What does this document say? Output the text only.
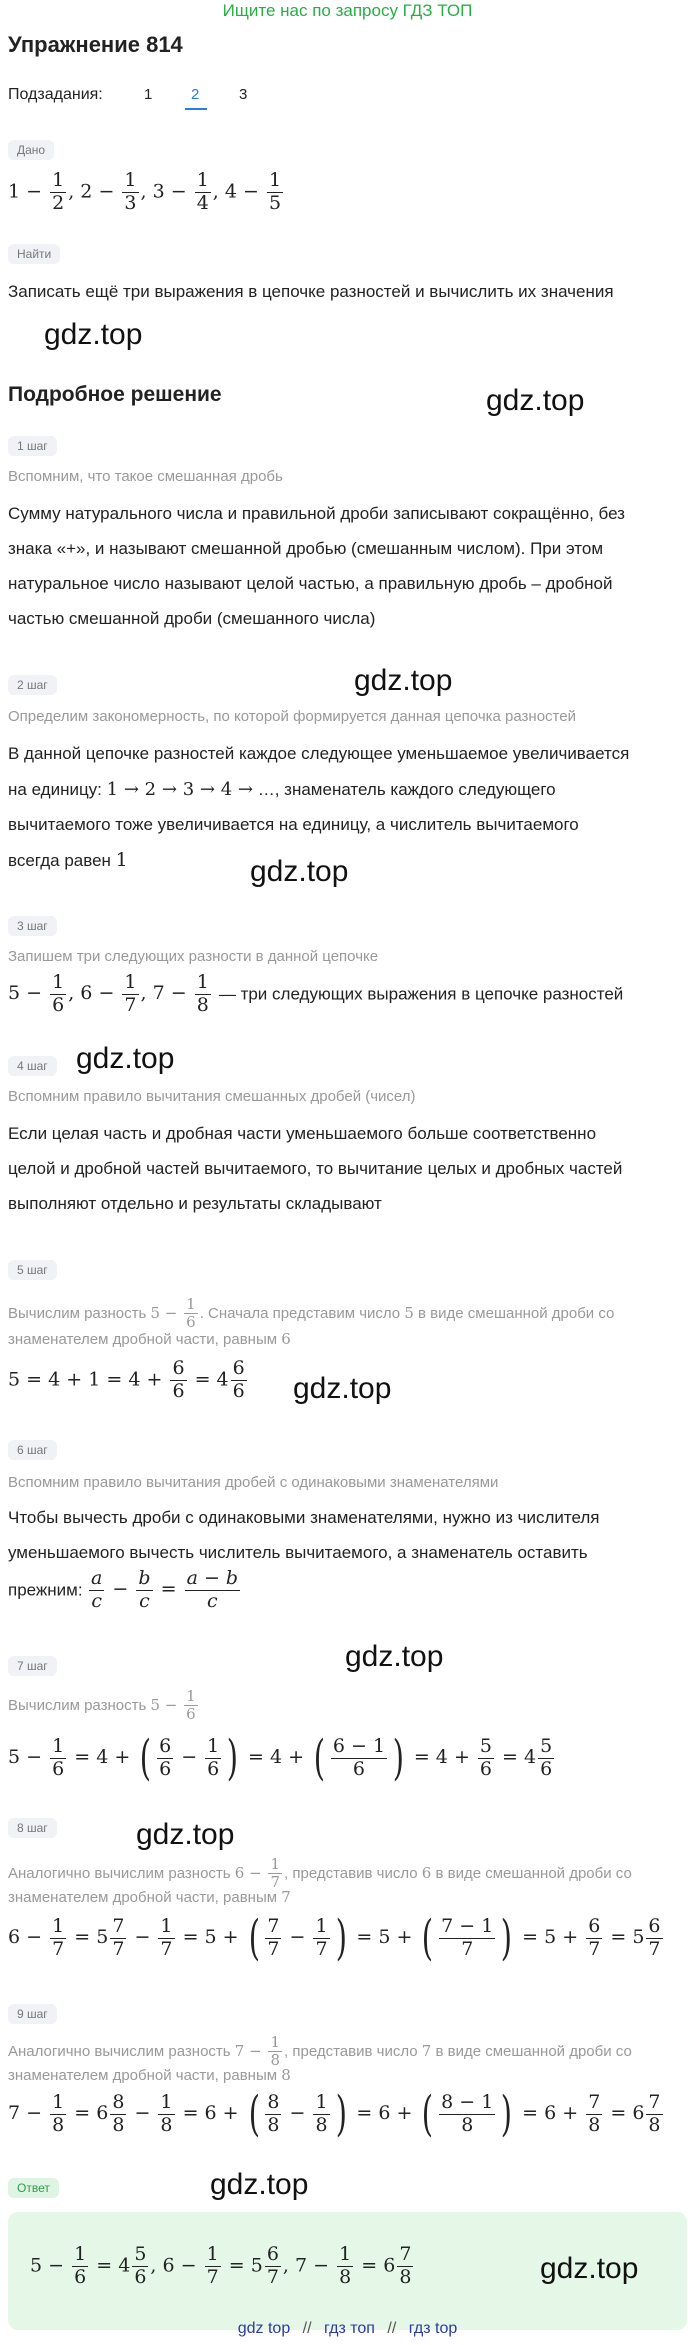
Ищите нас по запросу ГДЗ ТОП
Упражнение 814
Подзадания:	1	2	3
Дано
$1 - \frac{1}{2}$ , $2 - \frac{1}{3}$ , $3 - \frac{1}{4}$ , $4 - \frac{1}{5}$
Найти
Записать ещё три выражения в цепочке разностей и вычислить их значения
gdz.top
Подробное решение	gdz.top
1 шаг
Вспомним, что такое смешанная дробь
Сумму натурального числа и правильной дроби записывают сокращённо, без
знака «+», и называют смешанной дробью (смешанным числом). При этом
натуральное число называют целой частью, а правильную дробь – дробной
частью смешанной дроби (смешанного числа)
2 шаг	gdz.top
Определим закономерность, по которой формируется данная цепочка разностей
В данной цепочке разностей каждое следующее уменьшаемое увеличивается
на единицу: 1 → 2 → 3 → 4 → …, знаменатель каждого следующего
вычитаемого тоже увеличивается на единицу, а числитель вычитаемого
всегда равен 1	gdz.top
3 шаг
Запишем три следующих разности в данной цепочке
$5 - \frac{1}{6}$ , $6 - \frac{1}{7}$ , $7 - \frac{1}{8}$ — три следующих выражения в цепочке разностей
4 шаг gdz.top
Вспомним правило вычитания смешанных дробей (чисел)
Если целая часть и дробная части уменьшаемого больше соответственно
целой и дробной частей вычитаемого, то вычитание целых и дробных частей
выполняют отдельно и результаты складывают
5 шаг
Вычислим разность $5 - \frac{1}{6}$ . Сначала представим число 5 в виде смешанной дроби со
знаменателем дробной части, равным 6
$5 = 4 + 1 = 4 + \frac{6}{6} = 4 \frac{6}{6} gdz.top$
6 шаг
Вспомним правило вычитания дробей с одинаковыми знаменателями
Чтобы вычесть дроби с одинаковыми знаменателями, нужно из числителя
уменьшаемого вычесть числитель вычитаемого, а знаменатель оставить
прежним: $\frac{a}{c} - \frac{b}{c} = \frac{a - b}{c}$
gdz.top
7 шаг
Вычислим разность $5 - \frac{1}{6}$
$5 - \frac{1}{6} = 4$ + ( $\frac{6}{6} - \frac{1}{6}$ ) = 4 + ( $\frac{6 - 1}{6}$ ) = $4 + \frac{5}{6} = 4 \frac{5}{6}$
8 шаг	gdz.top
Аналогично вычислим разность $6 - \frac{1}{7}$ , представив число 6 в виде смешанной дроби со
знаменателем дробной части, равным 7
$6 - \frac{1}{7} = 5 \frac{7}{7} - \frac{1}{7} = 5$ + ( $\frac{7}{7} - \frac{1}{7}$ ) = 5 + ( $\frac{7 - 1}{7}$ ) = $5 + \frac{6}{7} = 5 \frac{6}{7}$
9 шаг
Аналогично вычислим разность $7 - \frac{1}{8}$ , представив число 7 в виде смешанной дроби со
знаменателем дробной части, равным 8
$7 - \frac{1}{8} = 6 \frac{8}{8} - \frac{1}{8} = 6$ + ( $\frac{8}{8} - \frac{1}{8}$ ) = 6 + ( $\frac{8 - 1}{8}$ ) = $6 + \frac{7}{8} = 6 \frac{7}{8}$
Ответ	gdz.top
$5 - \frac{1}{6} = 4 \frac{5}{6}$ , $6 - \frac{1}{7} = 5 \frac{6}{7}$ , $7 - \frac{1}{8} = 6 \frac{7}{8}$	gdz.top
gdz top // гдз топ // гдз top
